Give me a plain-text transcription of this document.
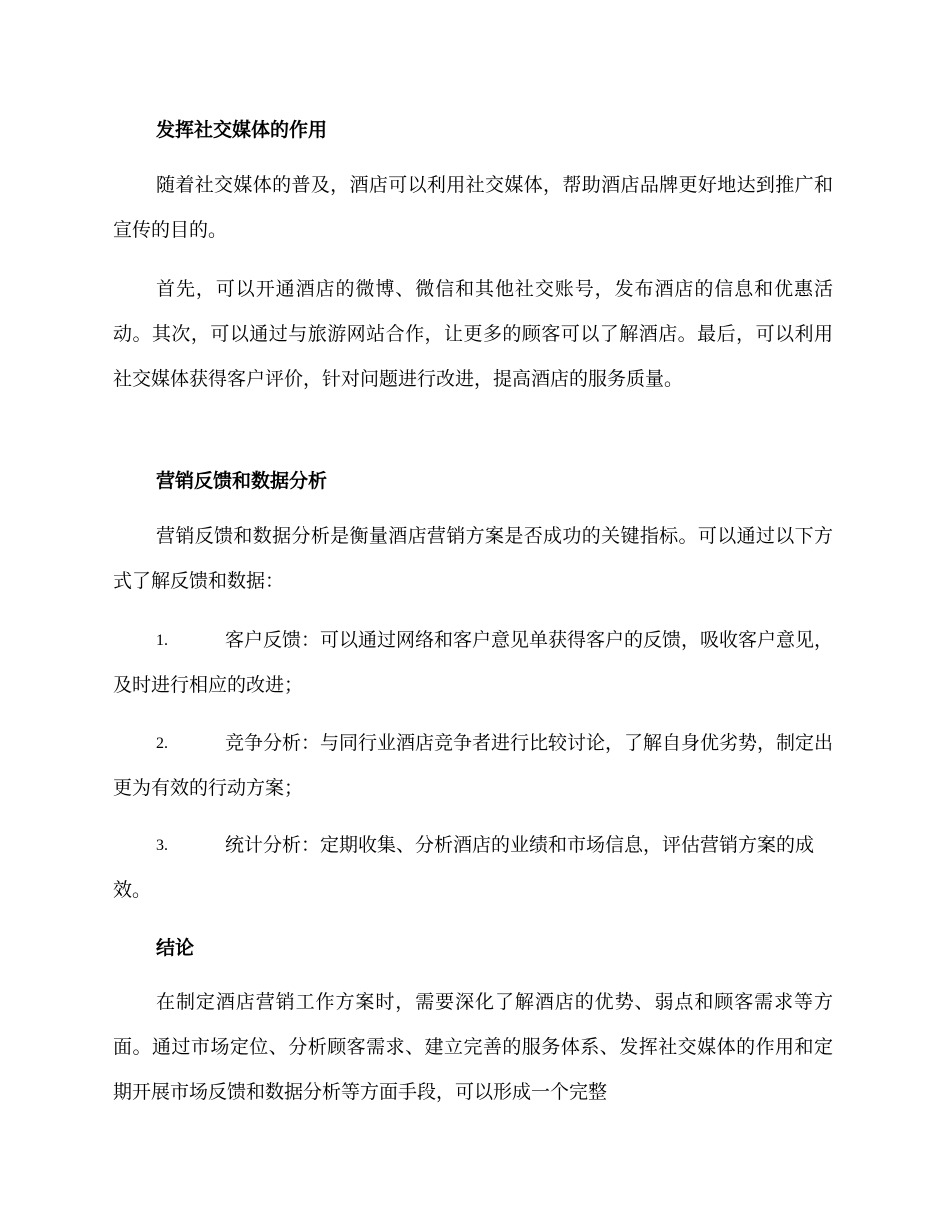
发挥社交媒体的作用
随着社交媒体的普及，酒店可以利用社交媒体，帮助酒店品牌更好地达到推广和宣传的目的。
首先，可以开通酒店的微博、微信和其他社交账号，发布酒店的信息和优惠活动。其次，可以通过与旅游网站合作，让更多的顾客可以了解酒店。最后，可以利用社交媒体获得客户评价，针对问题进行改进，提高酒店的服务质量。
营销反馈和数据分析
营销反馈和数据分析是衡量酒店营销方案是否成功的关键指标。可以通过以下方式了解反馈和数据：
1.	客户反馈：可以通过网络和客户意见单获得客户的反馈，吸收客户意见，及时进行相应的改进；
2.	竞争分析：与同行业酒店竞争者进行比较讨论，了解自身优劣势，制定出更为有效的行动方案；
3.	统计分析：定期收集、分析酒店的业绩和市场信息，评估营销方案的成效。
结论
在制定酒店营销工作方案时，需要深化了解酒店的优势、弱点和顾客需求等方面。通过市场定位、分析顾客需求、建立完善的服务体系、发挥社交媒体的作用和定期开展市场反馈和数据分析等方面手段，可以形成一个完整
